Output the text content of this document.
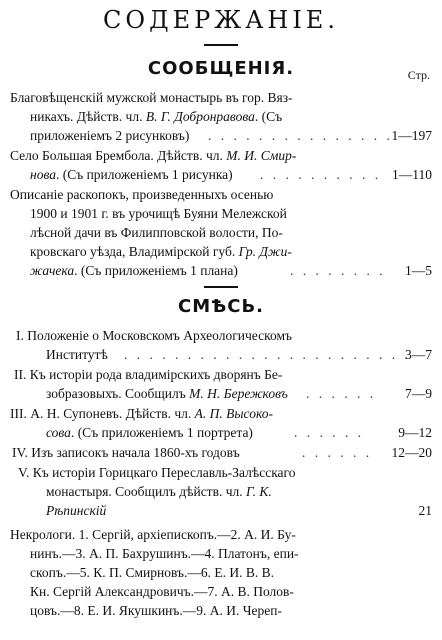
СОДЕРЖАНІЕ.
СООБЩЕНІЯ.	Стр.
Благовѣщенскій мужской монастырь въ гор. Вяз-
никахъ. Дѣйств. чл. В. Г. Добронравова. (Съ
приложеніемъ 2 рисунковъ) . . . . . . . . . . . . . . .
1—197
Село Большая Брембола. Дѣйств. чл. М. И. Смир-
нова. (Съ приложеніемъ 1 рисунка) . . . . . . . . . . 1—110
Описаніе раскопокъ, произведенныхъ осенью
1900 и 1901 г. въ урочищѣ Буяни Мележской
лѣсной дачи въ Филипповской волости, По-
кровскаго уѣзда, Владимірской губ. Гр. Джи-
жачека. (Съ приложеніемъ 1 плана)	. . . . . . . . 1—5
СМѢСЬ.
I. Положеніе о Московскомъ Археологическомъ
Институтѣ . . . . . . . . . . . . . . . . . . . . . . .
3—7
II. Къ исторіи рода владимірскихъ дворянъ Бе-
зобразовыхъ. Сообщилъ М. Н. Бережковъ . . . . . . 7—9
III. А. Н. Супоневъ. Дѣйств. чл. А. П. Высоко-
сова. (Съ приложеніемъ 1 портрета)	. . . . . .	9—12
IV. Изъ записокъ начала 1860-хъ годовъ	. . . . . . 12—20
V. Къ исторіи Горицкаго Переславль-Залѣсскаго
монастыря. Сообщилъ дѣйств. чл. Г. К.
Рѣпинскій	21
Некрологи. 1. Сергій, архіепископъ.—2. А. И. Бу-
нинъ.—3. А. П. Бахрушинъ.—4. Платонъ, епи-
скопъ.—5. К. П. Смирновъ.—6. Е. И. В. В.
Кн. Сергій Александровичъ.—7. А. В. Полов-
цовъ.—8. Е. И. Якушкинъ.—9. А. И. Череп-
